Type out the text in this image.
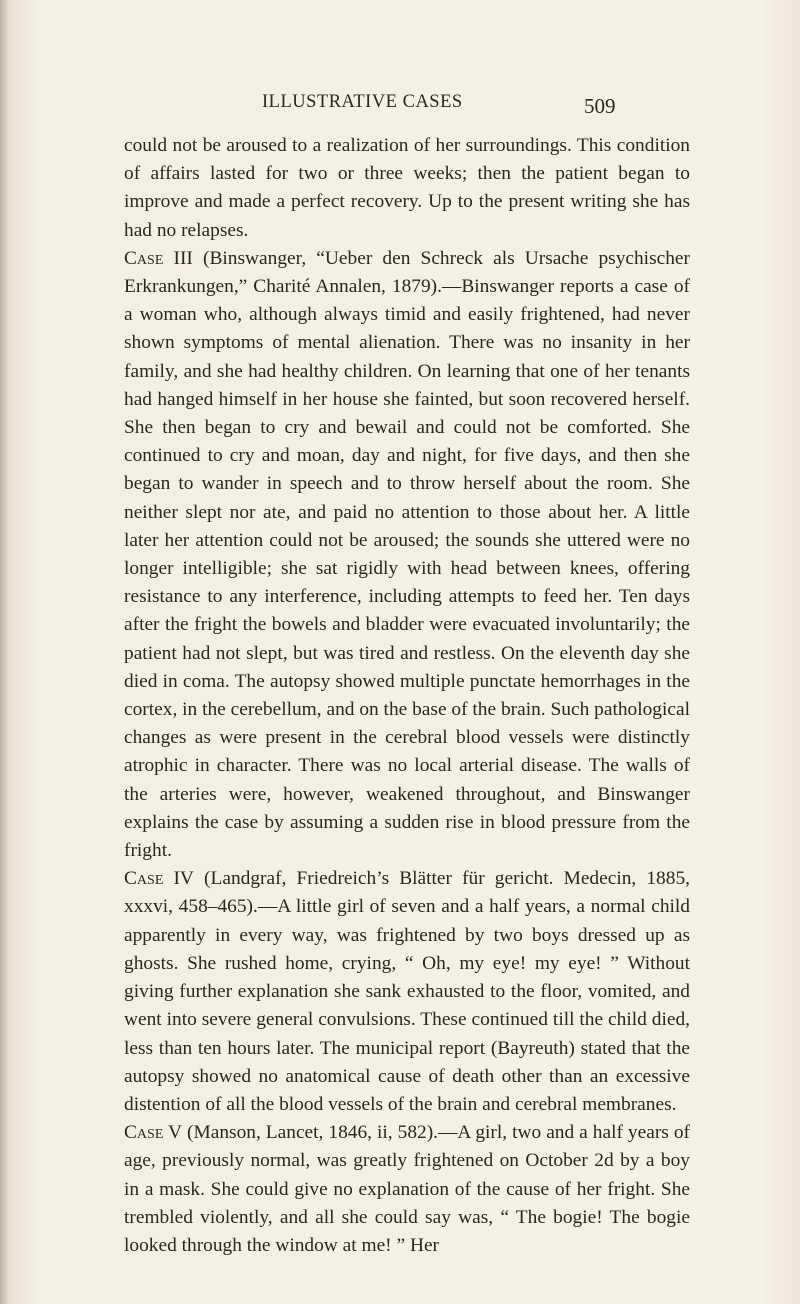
ILLUSTRATIVE CASES	509

could not be aroused to a realization of her surroundings. This condition of affairs lasted for two or three weeks; then the patient began to improve and made a perfect recovery. Up to the present writing she has had no relapses.

Case III (Binswanger, “Ueber den Schreck als Ursache psychischer Erkrankungen,” Charité Annalen, 1879).—Binswanger reports a case of a woman who, although always timid and easily frightened, had never shown symptoms of mental alienation. There was no insanity in her family, and she had healthy children. On learning that one of her tenants had hanged himself in her house she fainted, but soon recovered herself. She then began to cry and bewail and could not be comforted. She continued to cry and moan, day and night, for five days, and then she began to wander in speech and to throw herself about the room. She neither slept nor ate, and paid no attention to those about her. A little later her attention could not be aroused; the sounds she uttered were no longer intelligible; she sat rigidly with head between knees, offering resistance to any interference, including attempts to feed her. Ten days after the fright the bowels and bladder were evacuated involuntarily; the patient had not slept, but was tired and restless. On the eleventh day she died in coma. The autopsy showed multiple punctate hemorrhages in the cortex, in the cerebellum, and on the base of the brain. Such pathological changes as were present in the cerebral blood vessels were distinctly atrophic in character. There was no local arterial disease. The walls of the arteries were, however, weakened throughout, and Binswanger explains the case by assuming a sudden rise in blood pressure from the fright.

Case IV (Landgraf, Friedreich’s Blätter für gericht. Medecin, 1885, xxxvi, 458–465).—A little girl of seven and a half years, a normal child apparently in every way, was frightened by two boys dressed up as ghosts. She rushed home, crying, “ Oh, my eye! my eye! ” Without giving further explanation she sank exhausted to the floor, vomited, and went into severe general convulsions. These continued till the child died, less than ten hours later. The municipal report (Bayreuth) stated that the autopsy showed no anatomical cause of death other than an excessive distention of all the blood vessels of the brain and cerebral membranes.

Case V (Manson, Lancet, 1846, ii, 582).—A girl, two and a half years of age, previously normal, was greatly frightened on October 2d by a boy in a mask. She could give no explanation of the cause of her fright. She trembled violently, and all she could say was, “ The bogie! The bogie looked through the window at me! ” Her
